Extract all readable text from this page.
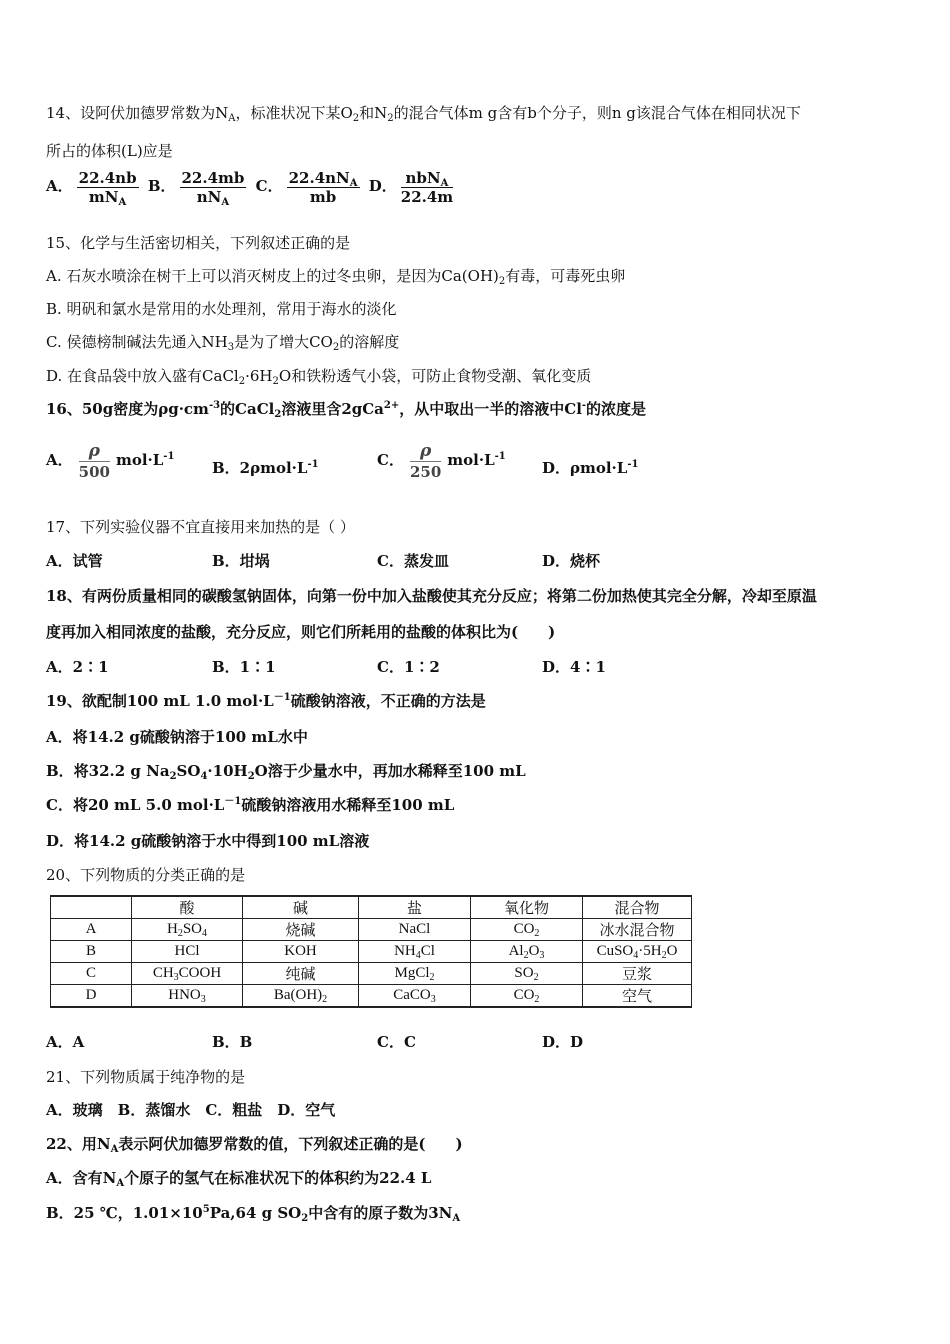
14、设阿伏加德罗常数为$N_A$，标准状况下某$O_2$和$N_2$的混合气体m g含有b个分子，则n g该混合气体在相同状况下
所占的体积(L)应是
A． $\frac{22.4nb}{mN_A}$ B． $\frac{22.4mb}{nN_A}$ C． $\frac{22.4nN_A}{mb}$ D． $\frac{nbN_A}{22.4m}$
15、化学与生活密切相关，下列叙述正确的是
A. 石灰水喷涂在树干上可以消灭树皮上的过冬虫卵，是因为$Ca(OH)_2$有毒，可毒死虫卵
B. 明矾和氯水是常用的水处理剂，常用于海水的淡化
C. 侯德榜制碱法先通入$NH_3$是为了增大$CO_2$的溶解度
D. 在食品袋中放入盛有$CaCl_2\cdot 6H_2O$和铁粉透气小袋，可防止食物受潮、氧化变质
16、50g密度为$\rho g\cdot cm^{-3}$的CaCl$_2$溶液里含2gCa$^{2+}$，从中取出一半的溶液中Cl-的浓度是
A． $\frac{\rho}{500} mol\cdot L^{-1}$
B．$2\rho mol\cdot L^{-1}$	C． $\frac{\rho}{250} mol\cdot L^{-1}$
D．$\rho mol\cdot L^{-1}$
17、下列实验仪器不宜直接用来加热的是（ ）
A．试管	B．坩埚	C．蒸发皿	D．烧杯
18、有两份质量相同的碳酸氢钠固体，向第一份中加入盐酸使其充分反应；将第二份加热使其完全分解，冷却至原温
度再加入相同浓度的盐酸，充分反应，则它们所耗用的盐酸的体积比为(　　)
A．2∶1	B．1∶1	C．1∶2	D．4∶1
19、欲配制100 mL 1.0 $mol\cdot L^{-1}$硫酸钠溶液，不正确的方法是
A．将14.2 g硫酸钠溶于100 mL水中
B．将32.2 g $Na_2SO_4\cdot 10H_2O$溶于少量水中，再加水稀释至100 mL
C．将20 mL 5.0 $mol\cdot L^{-1}$硫酸钠溶液用水稀释至100 mL
D．将14.2 g硫酸钠溶于水中得到100 mL溶液
20、下列物质的分类正确的是
	酸	碱	盐	氧化物	混合物
A	$H_2SO_4$	烧碱	NaCl	$CO_2$	冰水混合物
B	HCl	KOH	$NH_4Cl$	$Al_2O_3$	$CuSO_4\cdot 5H_2O$
C	$CH_3COOH$	纯碱	MgCl$_2$	$SO_2$	豆浆
D	$HNO_3$	$Ba(OH)_2$	CaCO$_3$	$CO_2$	空气
A．A	B．B	C．C	D．D
21、下列物质属于纯净物的是
A．玻璃　B．蒸馏水　C．粗盐　D．空气
22、用$N_A$表示阿伏加德罗常数的值，下列叙述正确的是(　　)
A．含有$N_A$个原子的氢气在标准状况下的体积约为22.4 L
B．25 ℃，$1.01\times 10^5Pa,64$ g $SO_2$中含有的原子数为$3N_A$
